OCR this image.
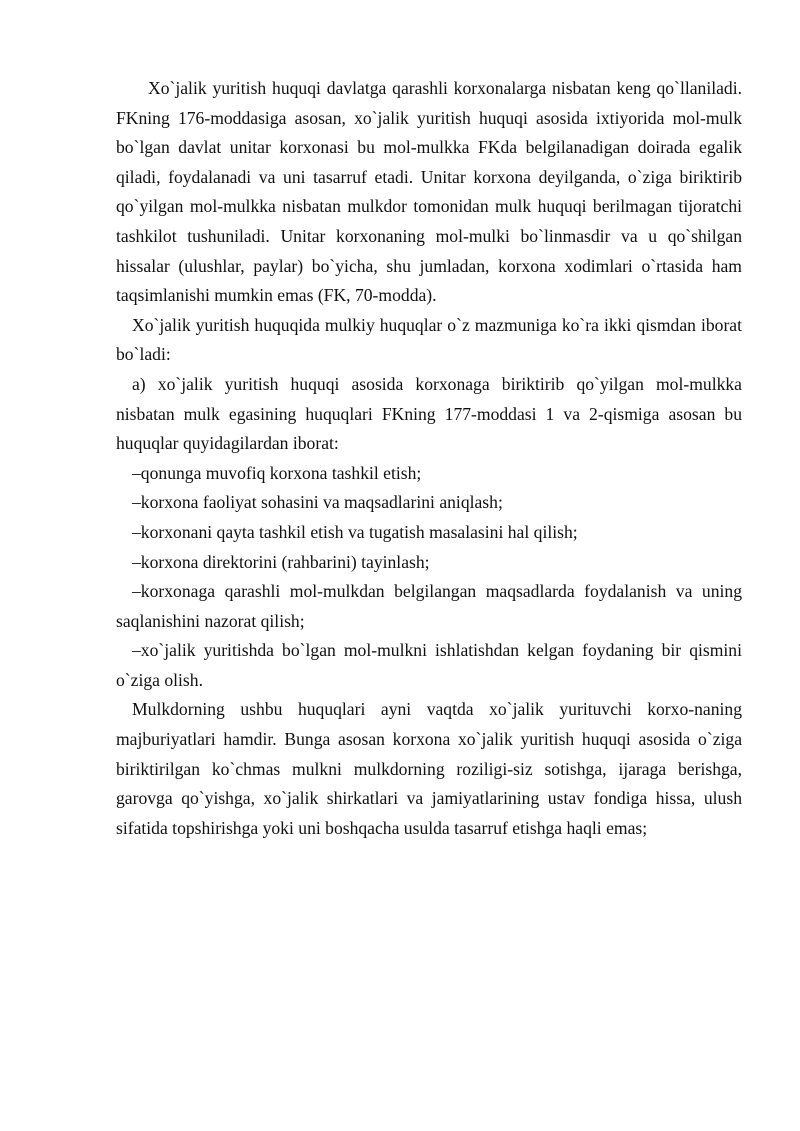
Xo`jalik yuritish huquqi davlatga qarashli korxonalarga nisbatan keng qo`llaniladi. FKning 176-moddasiga asosan, xo`jalik yuritish huquqi asosida ixtiyorida mol-mulk bo`lgan davlat unitar korxonasi bu mol-mulkka FKda belgilanadigan doirada egalik qiladi, foydalanadi va uni tasarruf etadi. Unitar korxona deyilganda, o`ziga biriktirib qo`yilgan mol-mulkka nisbatan mulkdor tomonidan mulk huquqi berilmagan tijoratchi tashkilot tushuniladi. Unitar korxonaning mol-mulki bo`linmasdir va u qo`shilgan hissalar (ulushlar, paylar) bo`yicha, shu jumladan, korxona xodimlari o`rtasida ham taqsimlanishi mumkin emas (FK, 70-modda).

Xo`jalik yuritish huquqida mulkiy huquqlar o`z mazmuniga ko`ra ikki qismdan iborat bo`ladi:

a) xo`jalik yuritish huquqi asosida korxonaga biriktirib qo`yilgan mol-mulkka nisbatan mulk egasining huquqlari FKning 177-moddasi 1 va 2-qismiga asosan bu huquqlar quyidagilardan iborat:

–qonunga muvofiq korxona tashkil etish;

–korxona faoliyat sohasini va maqsadlarini aniqlash;

–korxonani qayta tashkil etish va tugatish masalasini hal qilish;

–korxona direktorini (rahbarini) tayinlash;

–korxonaga qarashli mol-mulkdan belgilangan maqsadlarda foydalanish va uning saqlanishini nazorat qilish;

–xo`jalik yuritishda bo`lgan mol-mulkni ishlatishdan kelgan foydaning bir qismini o`ziga olish.

Mulkdorning ushbu huquqlari ayni vaqtda xo`jalik yurituvchi korxo-naning majburiyatlari hamdir. Bunga asosan korxona xo`jalik yuritish huquqi asosida o`ziga biriktirilgan ko`chmas mulkni mulkdorning roziligi-siz sotishga, ijaraga berishga, garovga qo`yishga, xo`jalik shirkatlari va jamiyatlarining ustav fondiga hissa, ulush sifatida topshirishga yoki uni boshqacha usulda tasarruf etishga haqli emas;
